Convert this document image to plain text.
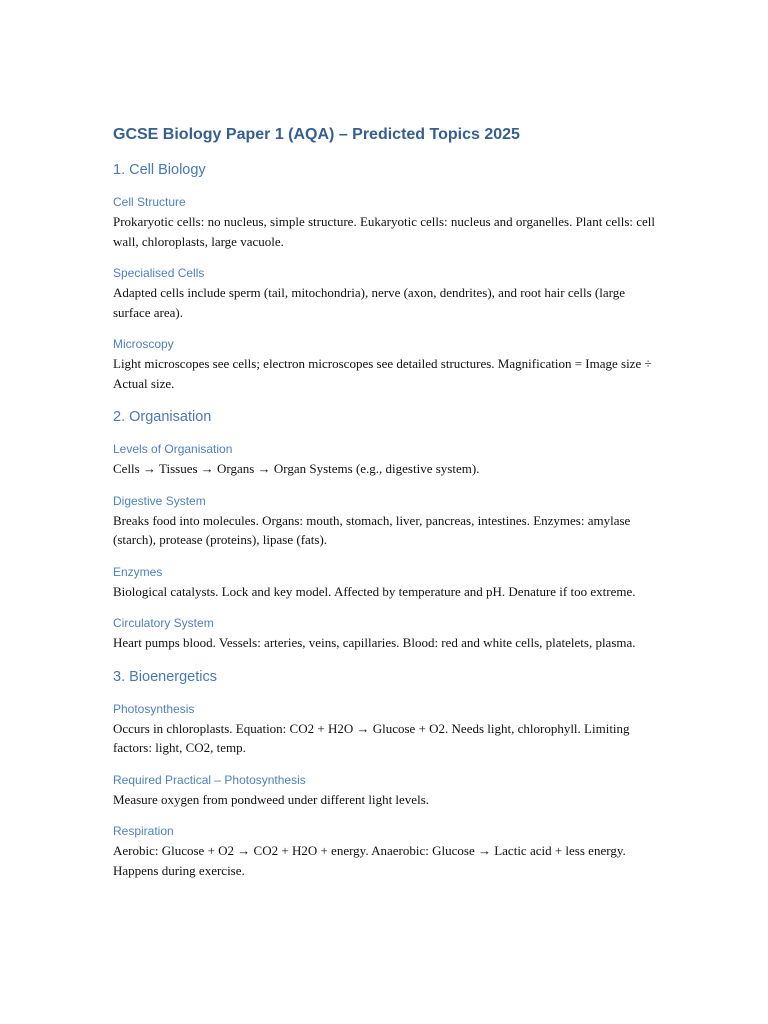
GCSE Biology Paper 1 (AQA) – Predicted Topics 2025
1. Cell Biology
Cell Structure
Prokaryotic cells: no nucleus, simple structure. Eukaryotic cells: nucleus and organelles. Plant cells: cell wall, chloroplasts, large vacuole.
Specialised Cells
Adapted cells include sperm (tail, mitochondria), nerve (axon, dendrites), and root hair cells (large surface area).
Microscopy
Light microscopes see cells; electron microscopes see detailed structures. Magnification = Image size ÷ Actual size.
2. Organisation
Levels of Organisation
Cells → Tissues → Organs → Organ Systems (e.g., digestive system).
Digestive System
Breaks food into molecules. Organs: mouth, stomach, liver, pancreas, intestines. Enzymes: amylase (starch), protease (proteins), lipase (fats).
Enzymes
Biological catalysts. Lock and key model. Affected by temperature and pH. Denature if too extreme.
Circulatory System
Heart pumps blood. Vessels: arteries, veins, capillaries. Blood: red and white cells, platelets, plasma.
3. Bioenergetics
Photosynthesis
Occurs in chloroplasts. Equation: CO2 + H2O → Glucose + O2. Needs light, chlorophyll. Limiting factors: light, CO2, temp.
Required Practical – Photosynthesis
Measure oxygen from pondweed under different light levels.
Respiration
Aerobic: Glucose + O2 → CO2 + H2O + energy. Anaerobic: Glucose → Lactic acid + less energy. Happens during exercise.
